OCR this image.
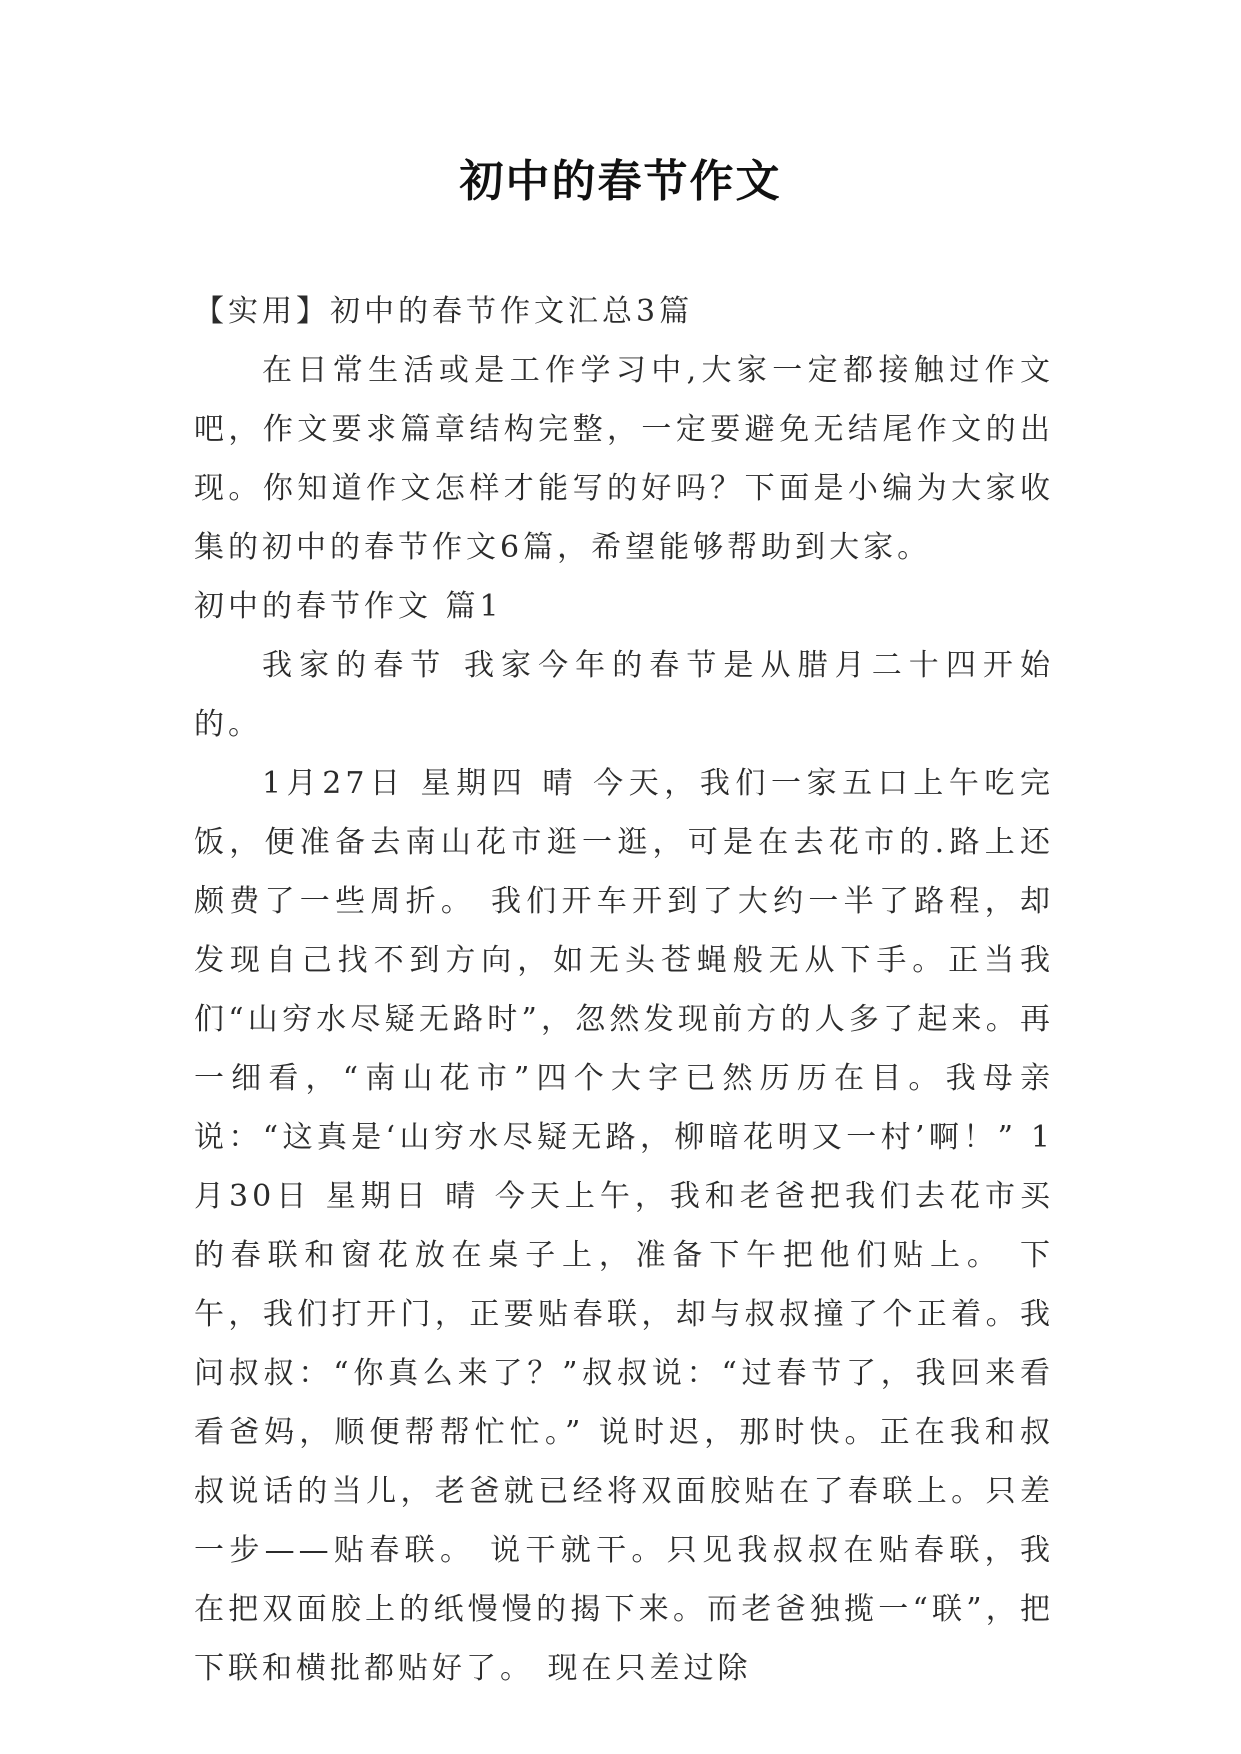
初中的春节作文

【实用】初中的春节作文汇总3篇

在日常生活或是工作学习中,大家一定都接触过作文吧，作文要求篇章结构完整，一定要避免无结尾作文的出现。你知道作文怎样才能写的好吗？下面是小编为大家收集的初中的春节作文6篇，希望能够帮助到大家。

初中的春节作文 篇1

我家的春节 我家今年的春节是从腊月二十四开始的。

1月27日 星期四 晴 今天，我们一家五口上午吃完饭，便准备去南山花市逛一逛，可是在去花市的.路上还颇费了一些周折。 我们开车开到了大约一半了路程，却发现自己找不到方向，如无头苍蝇般无从下手。正当我们“山穷水尽疑无路时”，忽然发现前方的人多了起来。再一细看，“南山花市”四个大字已然历历在目。我母亲说：“这真是‘山穷水尽疑无路，柳暗花明又一村’啊！” 1月30日 星期日 晴 今天上午，我和老爸把我们去花市买的春联和窗花放在桌子上，准备下午把他们贴上。 下午，我们打开门，正要贴春联，却与叔叔撞了个正着。我问叔叔：“你真么来了？”叔叔说：“过春节了，我回来看看爸妈，顺便帮帮忙忙。” 说时迟，那时快。正在我和叔叔说话的当儿，老爸就已经将双面胶贴在了春联上。只差一步——贴春联。 说干就干。只见我叔叔在贴春联，我在把双面胶上的纸慢慢的揭下来。而老爸独揽一“联”，把下联和横批都贴好了。 现在只差过除
